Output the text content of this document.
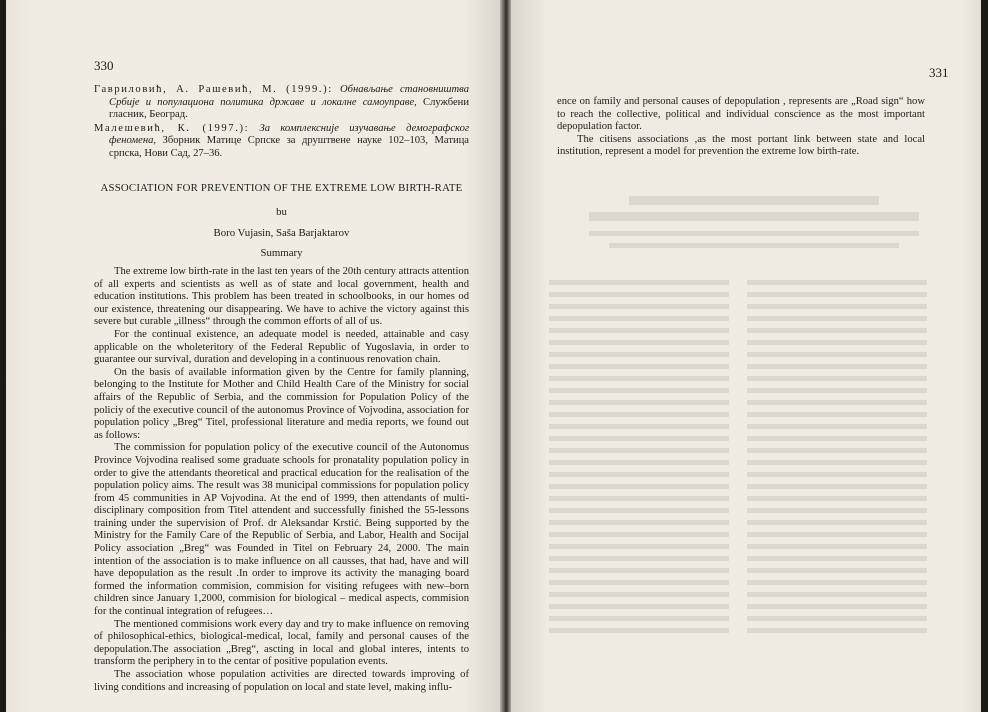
330	331

Гавриловић, А. Рашевић, М. (1999.): Обнављање становништва Србије и популациона политика државе и локалне самоуправе, Службени гласник, Београд.

Малешевић, К. (1997.): За комплексније изучавање демографског феномена, Зборник Матице Српске за друштвене науке 102–103, Матица српска, Нови Сад, 27–36.

ASSOCIATION FOR PREVENTION OF THE EXTREME LOW BIRTH-RATE
bu
Boro Vujasin, Saša Barjaktarov
Summary

The extreme low birth-rate in the last ten years of the 20th century attracts attention of all experts and scientists as well as of state and local government, health and education institutions. This problem has been treated in schoolbooks, in our homes od our existence, threatening our disappearing. We have to achive the victory against this severe but curable „illness“ through the common efforts of all of us.

For the continual existence, an adequate model is needed, attainable and casy applicable on the wholeteritory of the Federal Republic of Yugoslavia, in order to guarantee our survival, duration and developing in a continuous renovation chain.

On the basis of available information given by the Centre for family planning, belonging to the Institute for Mother and Child Health Care of the Ministry for social affairs of the Republic of Serbia, and the commission for Population Policy of the policiy of the executive council of the autonomus Province of Vojvodina, association for population policy „Breg“ Titel, professional literature and media reports, we found out as follows:

The commission for population policy of the executive council of the Autonomus Province Vojvodina realised some graduate schools for pronatality population policy in order to give the attendants theoretical and practical education for the realisation of the population policy aims. The result was 38 municipal commissions for population policy from 45 communities in AP Vojvodina. At the end of 1999, then attendants of multi-disciplinary composition from Titel attendent and successfully finished the 55-lessons training under the supervision of Prof. dr Aleksandar Krstić. Being supported by the Ministry for the Family Care of the Republic of Serbia, and Labor, Health and Socijal Policy association „Breg“ was Founded in Titel on February 24, 2000. The main intention of the association is to make influence on all causses, that had, have and will have depopulation as the result .In order to improve its activity the managing board formed the information commision, commision for visiting refugees with new–born children since January 1,2000, commision for biological – medical aspects, commision for the continual integration of refugees…

The mentioned commisions work every day and try to make influence on removing of philosophical-ethics, biological-medical, local, family and personal causes of the depopulation.The association „Breg“, ascting in local and global interes, intents to transform the periphery in to the centar of positive population events.

The association whose population activities are directed towards improving of living conditions and increasing of population on local and state level, making influ-

ence on family and personal causes of depopulation , represents are „Road sign“ how to reach the collective, political and individual conscience as the most important depopulation factor.

The citisens associations ,as the most portant link between state and local institution, represent a model for prevention the extreme low birth-rate.
